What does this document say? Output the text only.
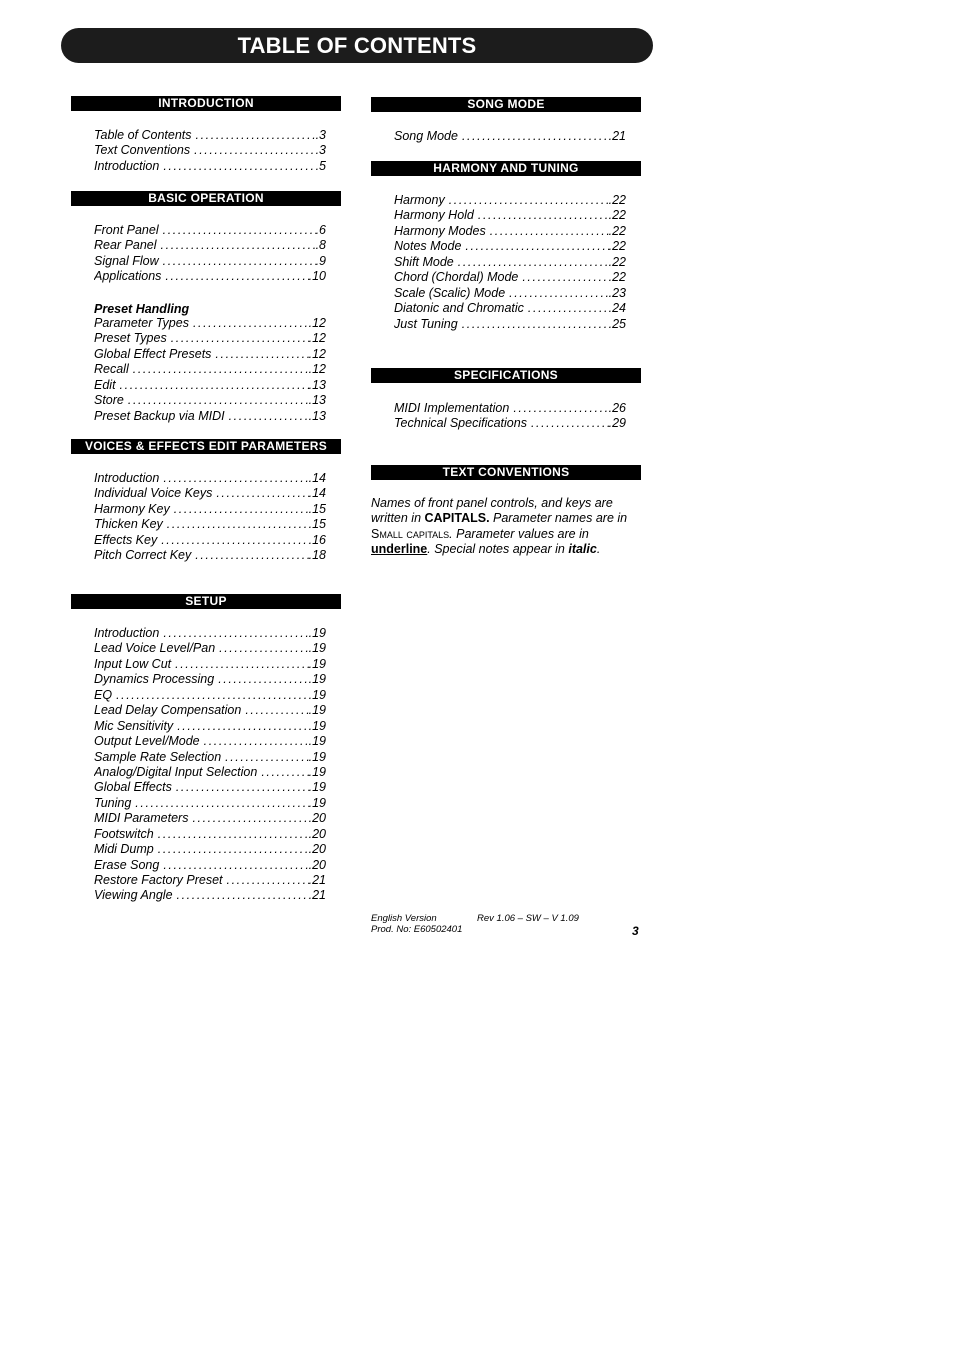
TABLE OF CONTENTS
INTRODUCTION
Table of Contents .....	.3
Text Conventions .....	.3
Introduction .....	.5
BASIC OPERATION
Front Panel .....	.6
Rear Panel .....	.8
Signal Flow .....	.9
Applications .....	.10
Preset Handling
Parameter Types .....	.12
Preset Types .....	.12
Global Effect Presets .....	.12
Recall .....	.12
Edit .....	.13
Store .....	.13
Preset Backup via MIDI .....	.13
VOICES & EFFECTS EDIT PARAMETERS
Introduction .....	.14
Individual Voice Keys .....	.14
Harmony Key .....	.15
Thicken Key .....	.15
Effects Key .....	.16
Pitch Correct Key .....	.18
SETUP
Introduction .....	.19
Lead Voice Level/Pan .....	.19
Input Low Cut .....	.19
Dynamics Processing .....	.19
EQ .....	.19
Lead Delay Compensation .....	.19
Mic Sensitivity .....	.19
Output Level/Mode .....	.19
Sample Rate Selection .....	.19
Analog/Digital Input Selection .....	.19
Global Effects .....	.19
Tuning .....	.19
MIDI Parameters .....	.20
Footswitch .....	.20
Midi Dump .....	.20
Erase Song .....	.20
Restore Factory Preset .....	.21
Viewing Angle .....	.21
SONG MODE
Song Mode .....	.21
HARMONY AND TUNING
Harmony .....	.22
Harmony Hold .....	.22
Harmony Modes .....	.22
Notes Mode .....	.22
Shift Mode .....	.22
Chord (Chordal) Mode .....	.22
Scale (Scalic) Mode .....	.23
Diatonic and Chromatic .....	.24
Just Tuning .....	.25
SPECIFICATIONS
MIDI Implementation .....	.26
Technical Specifications .....	.29
TEXT CONVENTIONS

Names of front panel controls, and keys are written in CAPITALS. Parameter names are in Small capitals. Parameter values are in underline. Special notes appear in italic.

English Version	Rev 1.06 – SW – V 1.09
Prod. No: E60502401	3
